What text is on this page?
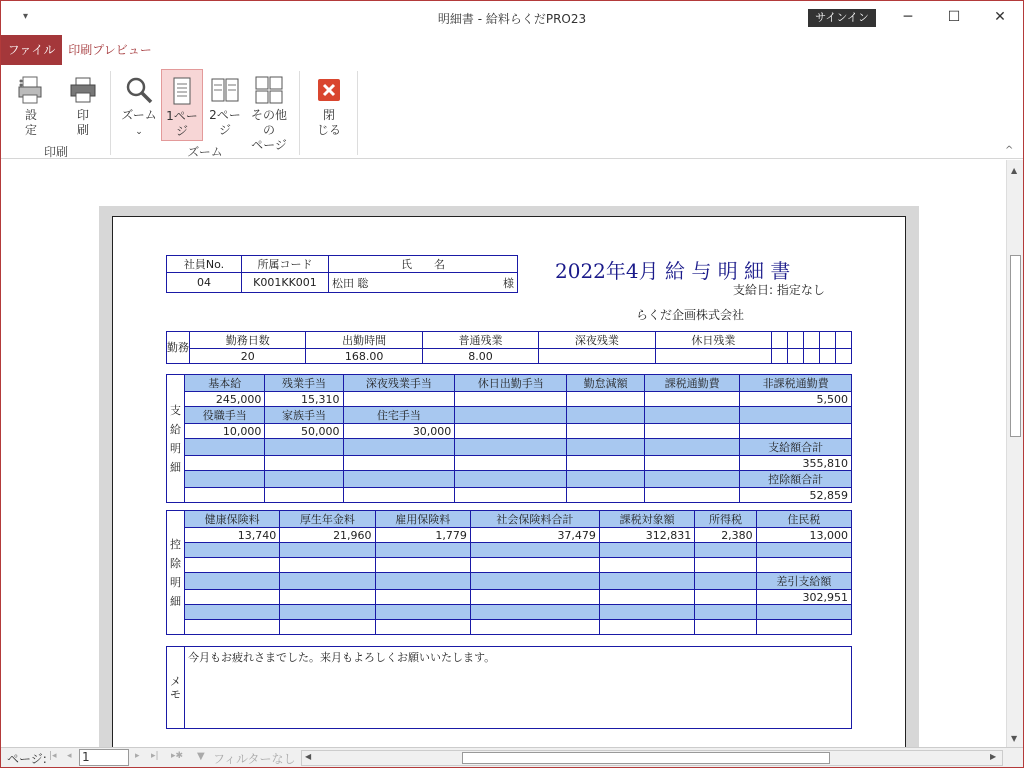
▾	明細書 - 給料らくだPRO23	サインイン	─	☐	✕
ファイル	印刷プレビュー
設
定
印
刷
印刷
ズーム
⌄
1ペー
ジ
2ペー
ジ
その他の
ページ
ズーム
閉
じる
^
社員No.	所属コード	氏　　名
04	K001KK001	松田 聡 様 2022年4月 給 与 明 細 書
支給日: 指定なし
らくだ企画株式会社
勤務	勤務日数	出勤時間	普通残業	深夜残業	休日残業					
	20	168.00	8.00							
支給明細	基本給	残業手当	深夜残業手当	休日出勤手当	勤怠減額	課税通勤費	非課税通勤費
	245,000	15,310					5,500
	役職手当	家族手当	住宅手当				
	10,000	50,000	30,000				
							支給額合計
							355,810
							控除額合計
							52,859
控除明細	健康保険料	厚生年金料	雇用保険料	社会保険料合計	課税対象額	所得税	住民税
	13,740	21,960	1,779	37,479	312,831	2,380	13,000

							差引支給額
							302,951

メモ	今月もお疲れさまでした。来月もよろしくお願いいたします。
▲
▼
ページ: |◂ ◂ 1	▸ ▸| ▸✱ ▼ フィルターなし ◀	▶
